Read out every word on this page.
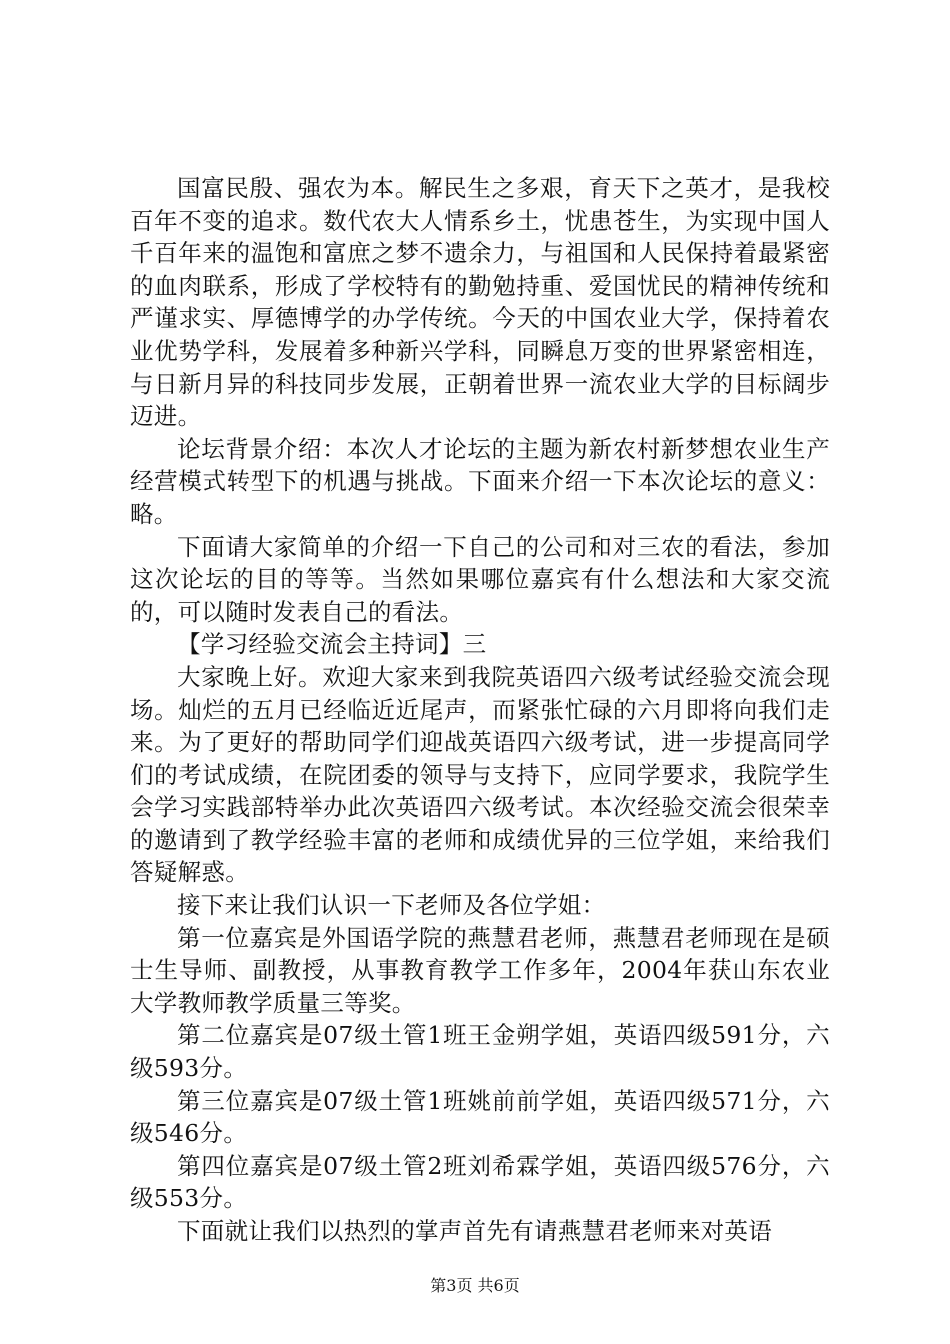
国富民殷、强农为本。解民生之多艰，育天下之英才，是我校百年不变的追求。数代农大人情系乡土，忧患苍生，为实现中国人千百年来的温饱和富庶之梦不遗余力，与祖国和人民保持着最紧密的血肉联系，形成了学校特有的勤勉持重、爱国忧民的精神传统和严谨求实、厚德博学的办学传统。今天的中国农业大学，保持着农业优势学科，发展着多种新兴学科，同瞬息万变的世界紧密相连，与日新月异的科技同步发展，正朝着世界一流农业大学的目标阔步迈进。

论坛背景介绍：本次人才论坛的主题为新农村新梦想农业生产经营模式转型下的机遇与挑战。下面来介绍一下本次论坛的意义：略。

下面请大家简单的介绍一下自己的公司和对三农的看法，参加这次论坛的目的等等。当然如果哪位嘉宾有什么想法和大家交流的，可以随时发表自己的看法。

【学习经验交流会主持词】三

大家晚上好。欢迎大家来到我院英语四六级考试经验交流会现场。灿烂的五月已经临近近尾声，而紧张忙碌的六月即将向我们走来。为了更好的帮助同学们迎战英语四六级考试，进一步提高同学们的考试成绩，在院团委的领导与支持下，应同学要求，我院学生会学习实践部特举办此次英语四六级考试。本次经验交流会很荣幸的邀请到了教学经验丰富的老师和成绩优异的三位学姐，来给我们答疑解惑。

接下来让我们认识一下老师及各位学姐：

第一位嘉宾是外国语学院的燕慧君老师，燕慧君老师现在是硕士生导师、副教授，从事教育教学工作多年，2004年获山东农业大学教师教学质量三等奖。

第二位嘉宾是07级土管1班王金朔学姐，英语四级591分，六级593分。

第三位嘉宾是07级土管1班姚前前学姐，英语四级571分，六级546分。

第四位嘉宾是07级土管2班刘希霖学姐，英语四级576分，六级553分。

下面就让我们以热烈的掌声首先有请燕慧君老师来对英语

第3页 共6页
